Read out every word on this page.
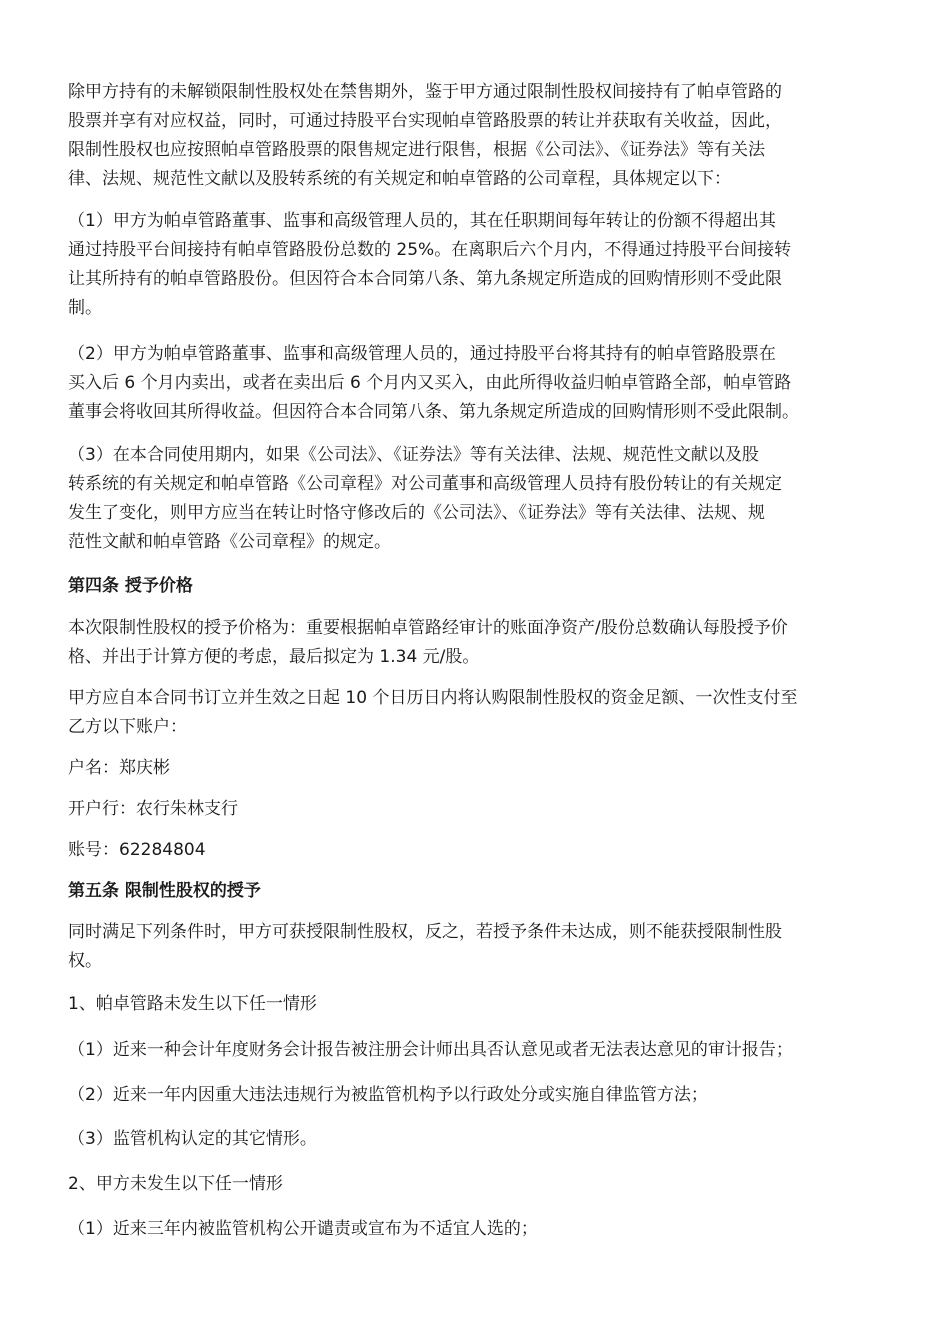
除甲方持有的未解锁限制性股权处在禁售期外，鉴于甲方通过限制性股权间接持有了帕卓管路的
股票并享有对应权益，同时，可通过持股平台实现帕卓管路股票的转让并获取有关收益，因此，
限制性股权也应按照帕卓管路股票的限售规定进行限售，根据《公司法》、《证券法》等有关法
律、法规、规范性文献以及股转系统的有关规定和帕卓管路的公司章程，具体规定以下：

（1）甲方为帕卓管路董事、监事和高级管理人员的，其在任职期间每年转让的份额不得超出其
通过持股平台间接持有帕卓管路股份总数的 25%。在离职后六个月内，不得通过持股平台间接转
让其所持有的帕卓管路股份。但因符合本合同第八条、第九条规定所造成的回购情形则不受此限
制。

（2）甲方为帕卓管路董事、监事和高级管理人员的，通过持股平台将其持有的帕卓管路股票在
买入后 6 个月内卖出，或者在卖出后 6 个月内又买入，由此所得收益归帕卓管路全部，帕卓管路
董事会将收回其所得收益。但因符合本合同第八条、第九条规定所造成的回购情形则不受此限制。

（3）在本合同使用期内，如果《公司法》、《证券法》等有关法律、法规、规范性文献以及股
转系统的有关规定和帕卓管路《公司章程》对公司董事和高级管理人员持有股份转让的有关规定
发生了变化，则甲方应当在转让时恪守修改后的《公司法》、《证券法》等有关法律、法规、规
范性文献和帕卓管路《公司章程》的规定。

第四条 授予价格

本次限制性股权的授予价格为：重要根据帕卓管路经审计的账面净资产/股份总数确认每股授予价
格、并出于计算方便的考虑，最后拟定为 1.34 元/股。

甲方应自本合同书订立并生效之日起 10 个日历日内将认购限制性股权的资金足额、一次性支付至
乙方以下账户：

户名：郑庆彬

开户行：农行朱林支行

账号：62284804

第五条 限制性股权的授予

同时满足下列条件时，甲方可获授限制性股权，反之，若授予条件未达成，则不能获授限制性股
权。

1、帕卓管路未发生以下任一情形

（1）近来一种会计年度财务会计报告被注册会计师出具否认意见或者无法表达意见的审计报告；

（2）近来一年内因重大违法违规行为被监管机构予以行政处分或实施自律监管方法；

（3）监管机构认定的其它情形。

2、甲方未发生以下任一情形

（1）近来三年内被监管机构公开谴责或宣布为不适宜人选的；
